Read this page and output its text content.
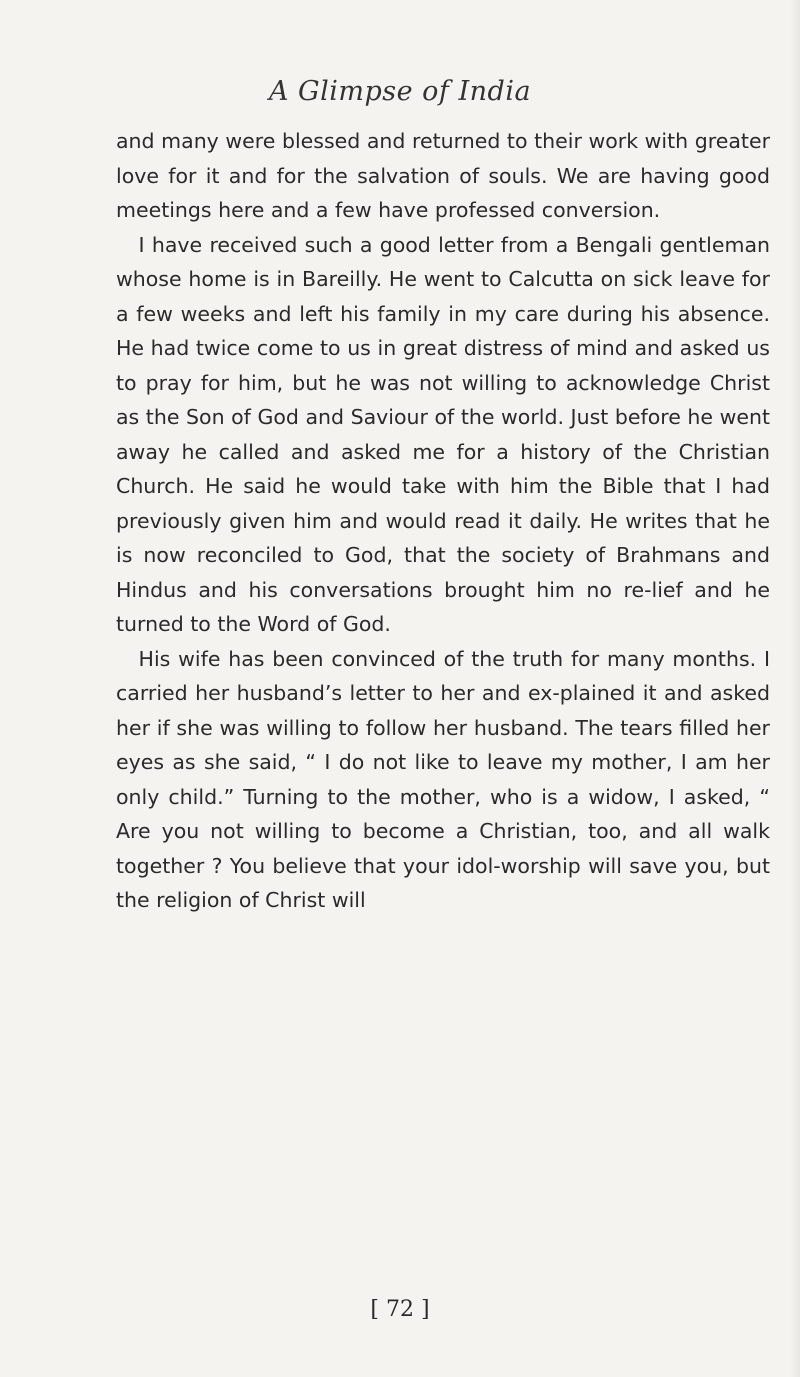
A Glimpse of India

and many were blessed and returned to their work with greater love for it and for the salvation of souls. We are having good meetings here and a few have professed conversion.

I have received such a good letter from a Bengali gentleman whose home is in Bareilly. He went to Calcutta on sick leave for a few weeks and left his family in my care during his absence. He had twice come to us in great distress of mind and asked us to pray for him, but he was not willing to acknowledge Christ as the Son of God and Saviour of the world. Just before he went away he called and asked me for a history of the Christian Church. He said he would take with him the Bible that I had previously given him and would read it daily. He writes that he is now reconciled to God, that the society of Brahmans and Hindus and his conversations brought him no re-lief and he turned to the Word of God.

His wife has been convinced of the truth for many months. I carried her husband’s letter to her and ex-plained it and asked her if she was willing to follow her husband. The tears filled her eyes as she said, “ I do not like to leave my mother, I am her only child.” Turning to the mother, who is a widow, I asked, “ Are you not willing to become a Christian, too, and all walk together ? You believe that your idol-worship will save you, but the religion of Christ will

[ 72 ]
